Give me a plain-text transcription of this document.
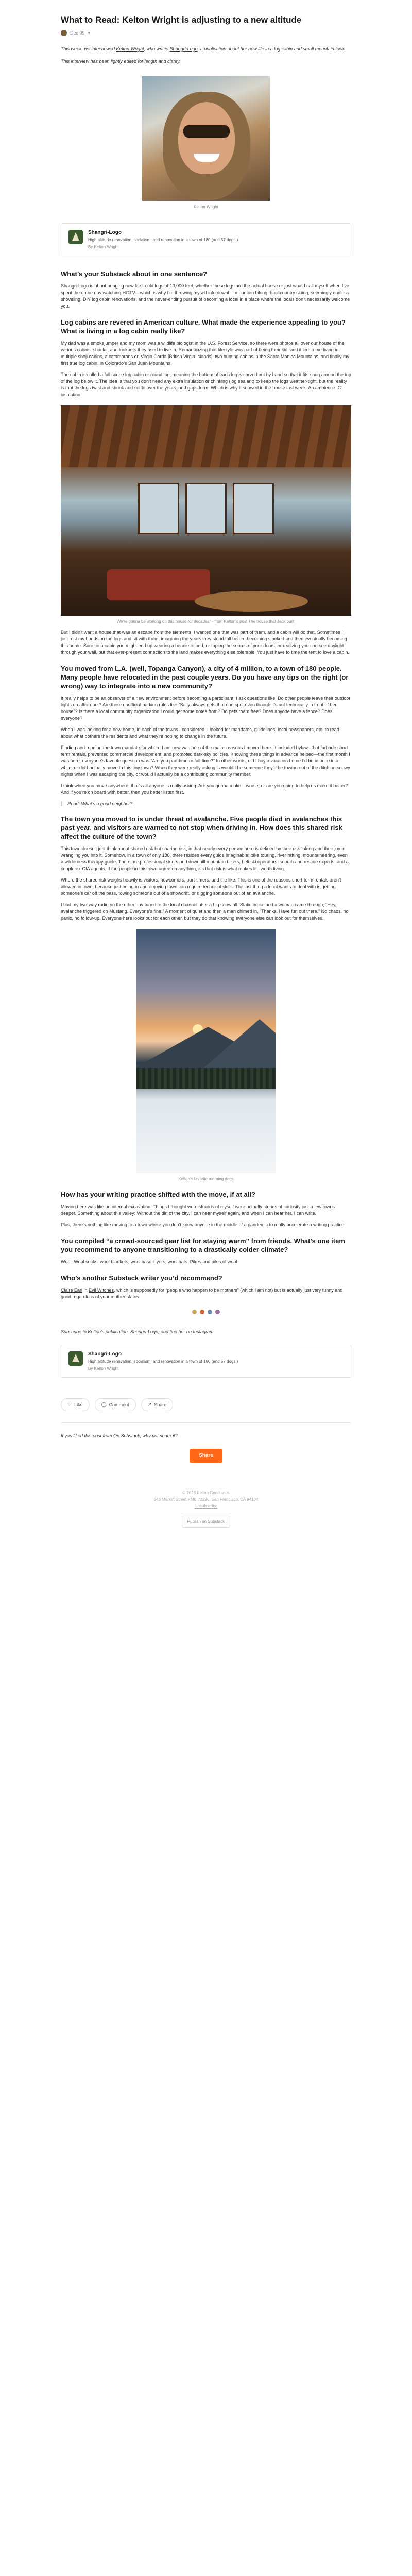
What to Read: Kelton Wright is adjusting to a new altitude
Dec 09 ▾

This week, we interviewed Kelton Wright, who writes Shangri-Logo, a publication about her new life in a log cabin and small mountain town.

This interview has been lightly edited for length and clarity.

Kelton Wright
Shangri-Logo
High altitude renovation, socialism, and renovation in a town of 180 (and 57 dogs.)
By Kelton Wright
What’s your Substack about in one sentence?

Shangri-Logo is about bringing new life to old logs at 10,000 feet, whether those logs are the actual house or just what I call myself when I’ve spent the entire day watching HGTV—which is why I’m throwing myself into downhill mountain biking, backcountry skiing, seemingly endless shoveling, DIY log cabin renovations, and the never-ending pursuit of becoming a local in a place where the locals don’t necessarily welcome you.

Log cabins are revered in American culture. What made the experience appealing to you? What is living in a log cabin really like?

My dad was a smokejumper and my mom was a wildlife biologist in the U.S. Forest Service, so there were photos all over our house of the various cabins, shacks, and lookouts they used to live in. Romanticizing that lifestyle was part of being their kid, and it led to me living in multiple shoji cabins, a catamarans on Virgin Gorda [British Virgin Islands], two hunting cabins in the Santa Monica Mountains, and finally my first true log cabin, in Colorado’s San Juan Mountains.

The cabin is called a full scribe log cabin or round log, meaning the bottom of each log is carved out by hand so that it fits snug around the top of the log below it. The idea is that you don’t need any extra insulation or chinking (log sealant) to keep the logs weather-tight, but the reality is that the logs twist and shrink and settle over the years, and gaps form. Which is why it snowed in the house last week. An ambience. C- insulation.

We’re gonna be working on this house for decades” - from Kelton’s post The house that Jack built.

But I didn’t want a house that was an escape from the elements; I wanted one that was part of them, and a cabin will do that. Sometimes I just rest my hands on the logs and sit with them, imagining the years they stood tall before becoming stacked and then eventually becoming this home. Sure, in a cabin you might end up wearing a beanie to bed, or taping the seams of your doors, or realizing you can see daylight through your wall, but that ever-present connection to the land makes everything else tolerable. You just have to time the tent to love a cabin.

You moved from L.A. (well, Topanga Canyon), a city of 4 million, to a town of 180 people. Many people have relocated in the past couple years. Do you have any tips on the right (or wrong) way to integrate into a new community?

It really helps to be an observer of a new environment before becoming a participant. I ask questions like: Do other people leave their outdoor lights on after dark? Are there unofficial parking rules like “Sally always gets that one spot even though it’s not technically in front of her house”? Is there a local community organization I could get some notes from? Do pets roam free? Does anyone have a fence? Does everyone?

When I was looking for a new home, in each of the towns I considered, I looked for mandates, guidelines, local newspapers, etc. to read about what bothers the residents and what they’re hoping to change in the future.

Finding and reading the town mandate for where I am now was one of the major reasons I moved here. It included bylaws that forbade short-term rentals, prevented commercial development, and promoted dark-sky policies. Knowing these things in advance helped—the first month I was here, everyone’s favorite question was “Are you part-time or full-time?” In other words, did I buy a vacation home I’d be in once in a while, or did I actually move to this tiny town? When they were really asking is would I be someone they’d be towing out of the ditch on snowy nights when I was escaping the city, or would I actually be a contributing community member.

I think when you move anywhere, that’s all anyone is really asking: Are you gonna make it worse, or are you going to help us make it better? And if you’re on board with better, then you better listen first.

Read: What’s a good neighbor?
The town you moved to is under threat of avalanche. Five people died in avalanches this past year, and visitors are warned to not stop when driving in. How does this shared risk affect the culture of the town?

This town doesn’t just think about shared risk but sharing risk, in that nearly every person here is defined by their risk-taking and their joy in wrangling you into it. Somehow, in a town of only 180, there resides every guide imaginable: bike touring, river rafting, mountaineering, even a wilderness therapy guide. There are professional skiers and downhill mountain bikers, heli-ski operators, search and rescue experts, and a couple ex-CIA agents. If the people in this town agree on anything, it’s that risk is what makes life worth living.

Where the shared risk weighs heavily is visitors, newcomers, part-timers, and the like. This is one of the reasons short-term rentals aren’t allowed in town, because just being in and enjoying town can require technical skills. The last thing a local wants to deal with is getting someone’s car off the pass, towing someone out of a snowdrift, or digging someone out of an avalanche.

I had my two-way radio on the other day tuned to the local channel after a big snowfall. Static broke and a woman came through, “Hey, avalanche triggered on Mustang. Everyone’s fine.” A moment of quiet and then a man chimed in, “Thanks. Have fun out there.” No chaos, no panic, no follow-up. Everyone here looks out for each other, but they do that knowing everyone else can look out for themselves.

Kelton’s favorite morning dogs
How has your writing practice shifted with the move, if at all?

Moving here was like an internal excavation. Things I thought were strands of myself were actually stories of curiosity just a few towns deeper. Something about this valley: Without the din of the city, I can hear myself again, and when I can hear her, I can write.

Plus, there’s nothing like moving to a town where you don’t know anyone in the middle of a pandemic to really accelerate a writing practice.

You compiled “a crowd-sourced gear list for staying warm” from friends. What’s one item you recommend to anyone transitioning to a drastically colder climate?

Wool. Wool socks, wool blankets, wool base layers, wool hats. Pikes and piles of wool.

Who’s another Substack writer you’d recommend?

Claire Earl in Evil Witches, which is supposedly for “people who happen to be mothers” (which I am not) but is actually just very funny and good regardless of your mother status.

Subscribe to Kelton’s publication, Shangri-Logo, and find her on Instagram.

Shangri-Logo
High altitude renovation, socialism, and renovation in a town of 180 (and 57 dogs.)
By Kelton Wright
♡ Like	◯ Comment	↗ Share

If you liked this post from On Substack, why not share it?

Share
© 2023 Kelton Goodlands
548 Market Street PMB 72296, San Francisco, CA 94104
Unsubscribe
Publish on Substack
